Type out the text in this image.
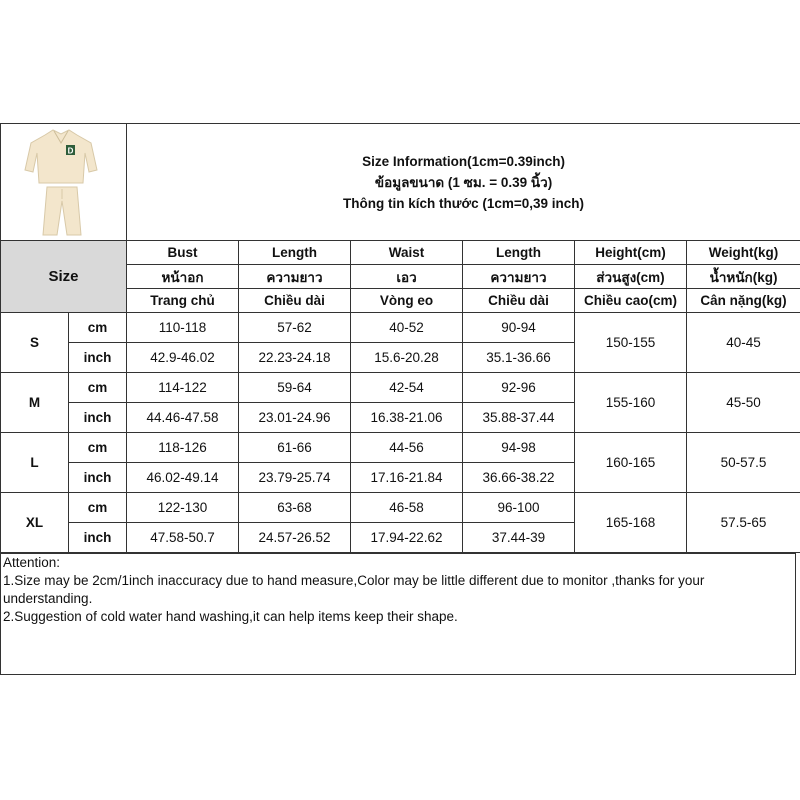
D		Size Information(1cm=0.39inch)
ข้อมูลขนาด (1 ซม. = 0.39 นิ้ว)
Thông tin kích thước (1cm=0,39 inch)					

Size		Bust	Length	Waist	Length	Height(cm)	Weight(kg)
		หน้าอก	ความยาว	เอว	ความยาว	ส่วนสูง(cm)	น้ำหนัก(kg)
		Trang chủ	Chiều dài	Vòng eo	Chiều dài	Chiều cao(cm)	Cân nặng(kg)
S	cm	110-118	57-62	40-52	90-94	150-155	40-45
	inch	42.9-46.02	22.23-24.18	15.6-20.28	35.1-36.66		
M	cm	114-122	59-64	42-54	92-96	155-160	45-50
	inch	44.46-47.58	23.01-24.96	16.38-21.06	35.88-37.44		
L	cm	118-126	61-66	44-56	94-98	160-165	50-57.5
	inch	46.02-49.14	23.79-25.74	17.16-21.84	36.66-38.22		
XL	cm	122-130	63-68	46-58	96-100	165-168	57.5-65
	inch	47.58-50.7	24.57-26.52	17.94-22.62	37.44-39		
Attention:
1.Size may be 2cm/1inch inaccuracy due to hand measure,Color may be little different due to monitor ,thanks for your understanding.
2.Suggestion of cold water hand washing,it can help items keep their shape.
